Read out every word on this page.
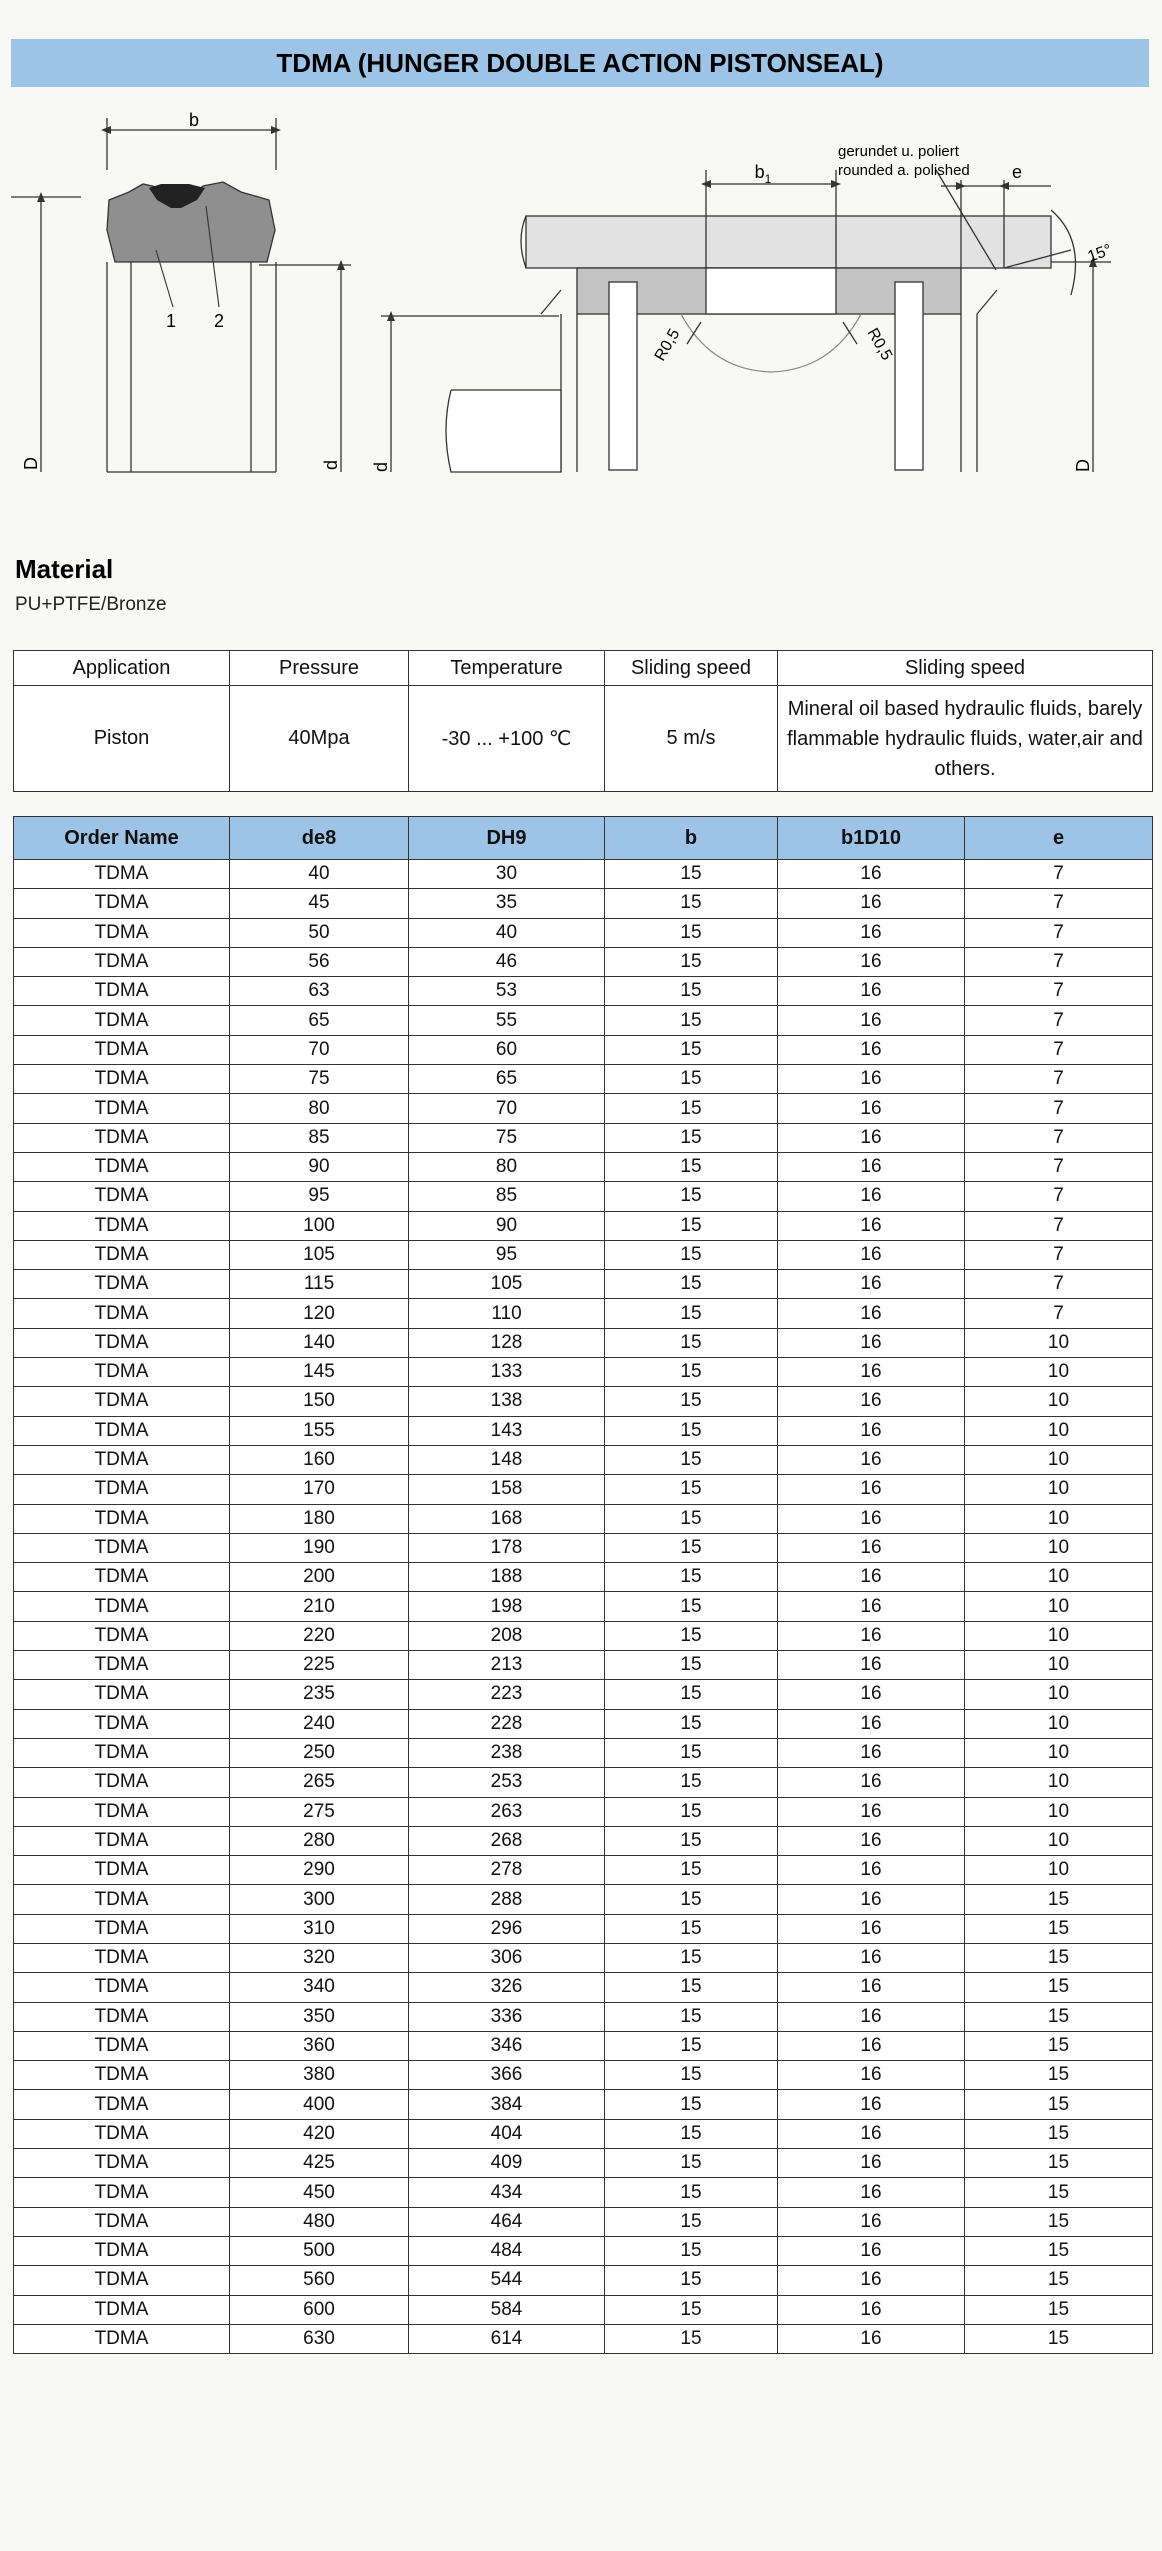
TDMA (HUNGER DOUBLE ACTION PISTONSEAL)
b
1 2
D	d
$b_1$	e
gerundet u. poliert
rounded a. polished
15°
R0,5	R0,5
d	D
Material
PU+PTFE/Bronze
Application	Pressure	Temperature	Sliding speed	Sliding speed
Piston	40Mpa	-30 ... +100 ℃	5 m/s	Mineral oil based hydraulic fluids, barely flammable hydraulic fluids, water,air and others.
Order Name	de8	DH9	b	b1D10	e
TDMA	40	30	15	16	7
TDMA	45	35	15	16	7
TDMA	50	40	15	16	7
TDMA	56	46	15	16	7
TDMA	63	53	15	16	7
TDMA	65	55	15	16	7
TDMA	70	60	15	16	7
TDMA	75	65	15	16	7
TDMA	80	70	15	16	7
TDMA	85	75	15	16	7
TDMA	90	80	15	16	7
TDMA	95	85	15	16	7
TDMA	100	90	15	16	7
TDMA	105	95	15	16	7
TDMA	115	105	15	16	7
TDMA	120	110	15	16	7
TDMA	140	128	15	16	10
TDMA	145	133	15	16	10
TDMA	150	138	15	16	10
TDMA	155	143	15	16	10
TDMA	160	148	15	16	10
TDMA	170	158	15	16	10
TDMA	180	168	15	16	10
TDMA	190	178	15	16	10
TDMA	200	188	15	16	10
TDMA	210	198	15	16	10
TDMA	220	208	15	16	10
TDMA	225	213	15	16	10
TDMA	235	223	15	16	10
TDMA	240	228	15	16	10
TDMA	250	238	15	16	10
TDMA	265	253	15	16	10
TDMA	275	263	15	16	10
TDMA	280	268	15	16	10
TDMA	290	278	15	16	10
TDMA	300	288	15	16	15
TDMA	310	296	15	16	15
TDMA	320	306	15	16	15
TDMA	340	326	15	16	15
TDMA	350	336	15	16	15
TDMA	360	346	15	16	15
TDMA	380	366	15	16	15
TDMA	400	384	15	16	15
TDMA	420	404	15	16	15
TDMA	425	409	15	16	15
TDMA	450	434	15	16	15
TDMA	480	464	15	16	15
TDMA	500	484	15	16	15
TDMA	560	544	15	16	15
TDMA	600	584	15	16	15
TDMA	630	614	15	16	15
